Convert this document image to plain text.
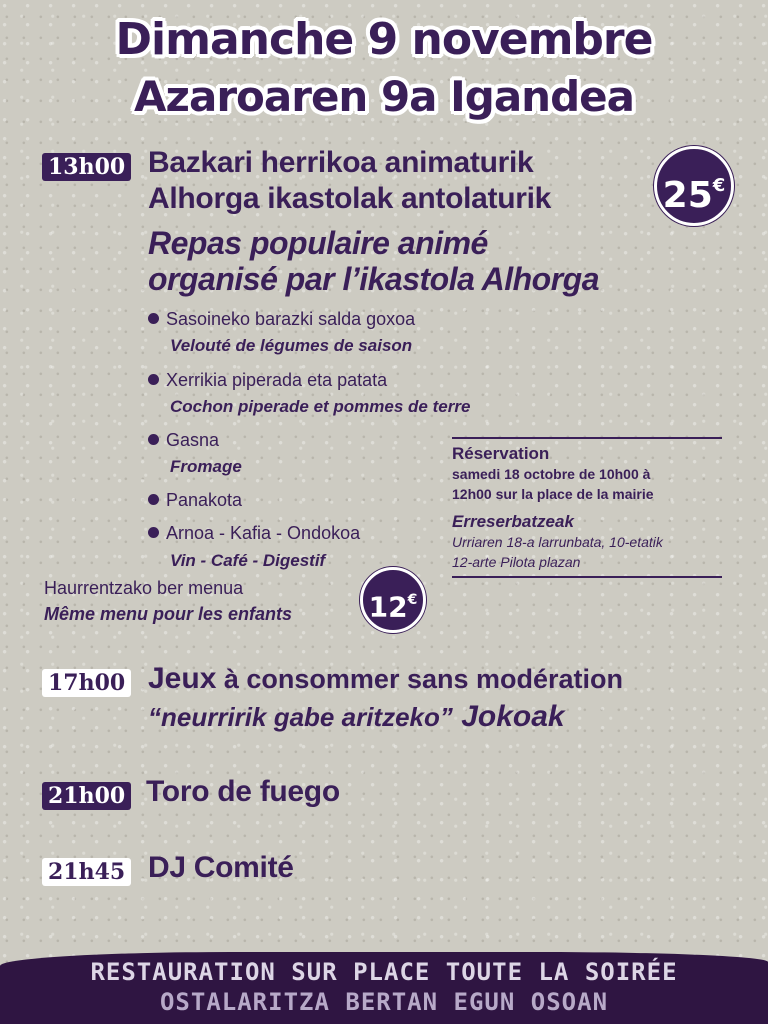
Dimanche 9 novembre
Azaroaren 9a Igandea
13h00 Bazkari herrikoa animaturik
Alhorga ikastolak antolaturik
Repas populaire animé
organisé par l’ikastola Alhorga
25€
Sasoineko barazki salda goxoa
Velouté de légumes de saison
Xerrikia piperada eta patata
Cochon piperade et pommes de terre
Gasna
Fromage
Panakota
Arnoa - Kafia - Ondokoa
Vin - Café - Digestif
Haurrentzako ber menua
Même menu pour les enfants	12€
Réservation
samedi 18 octobre de 10h00 à
12h00 sur la place de la mairie
Erreserbatzeak
Urriaren 18-a larrunbata, 10-etatik
12-arte Pilota plazan
17h00 Jeux à consommer sans modération
“neurririk gabe aritzeko” Jokoak
21h00 Toro de fuego
21h45 DJ Comité
RESTAURATION SUR PLACE TOUTE LA SOIRÉE
OSTALARITZA BERTAN EGUN OSOAN
